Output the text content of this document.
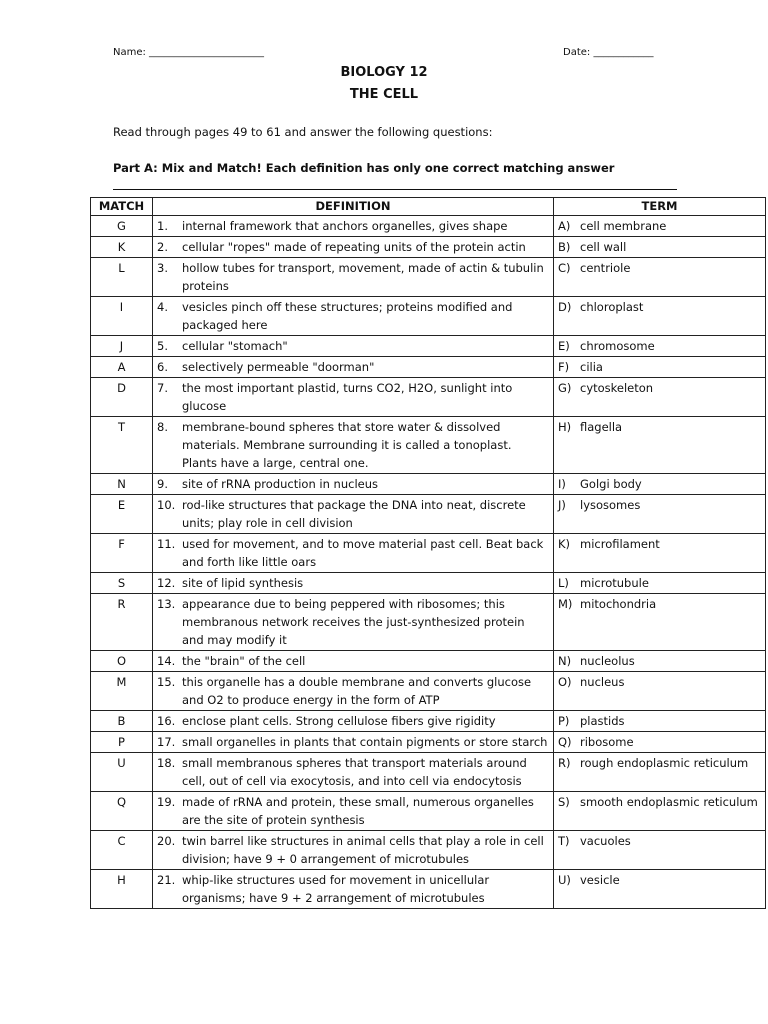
Name: _______________________	Date: ____________
BIOLOGY 12
THE CELL
Read through pages 49 to 61 and answer the following questions:
Part A: Mix and Match! Each definition has only one correct matching answer
MATCH	DEFINITION	TERM
G	1. internal framework that anchors organelles, gives shape	A) cell membrane

K	2. cellular "ropes" made of repeating units of the protein actin	B) cell wall

L	3. hollow tubes for transport, movement, made of actin & tubulin proteins	C) centriole

I	4. vesicles pinch off these structures; proteins modified and packaged here	D) chloroplast

J	5. cellular "stomach"	E) chromosome

A	6. selectively permeable "doorman"	F) cilia

D	7. the most important plastid, turns CO2, H2O, sunlight into glucose	G) cytoskeleton

T	8. membrane-bound spheres that store water & dissolved materials. Membrane surrounding it is called a tonoplast. Plants have a large, central one.	H) flagella

N	9. site of rRNA production in nucleus	I) Golgi body

E	10. rod-like structures that package the DNA into neat, discrete units; play role in cell division	J) lysosomes

F	11. used for movement, and to move material past cell. Beat back and forth like little oars	K) microfilament

S	12. site of lipid synthesis	L) microtubule

R	13. appearance due to being peppered with ribosomes; this membranous network receives the just-synthesized protein and may modify it	M) mitochondria

O	14. the "brain" of the cell	N) nucleolus

M	15. this organelle has a double membrane and converts glucose and O2 to produce energy in the form of ATP	O) nucleus

B	16. enclose plant cells. Strong cellulose fibers give rigidity	P) plastids

P	17. small organelles in plants that contain pigments or store starch	Q) ribosome

U	18. small membranous spheres that transport materials around cell, out of cell via exocytosis, and into cell via endocytosis	R) rough endoplasmic reticulum

Q	19. made of rRNA and protein, these small, numerous organelles are the site of protein synthesis	S) smooth endoplasmic reticulum

C	20. twin barrel like structures in animal cells that play a role in cell division; have 9 + 0 arrangement of microtubules	T) vacuoles

H	21. whip-like structures used for movement in unicellular organisms; have 9 + 2 arrangement of microtubules	U) vesicle
